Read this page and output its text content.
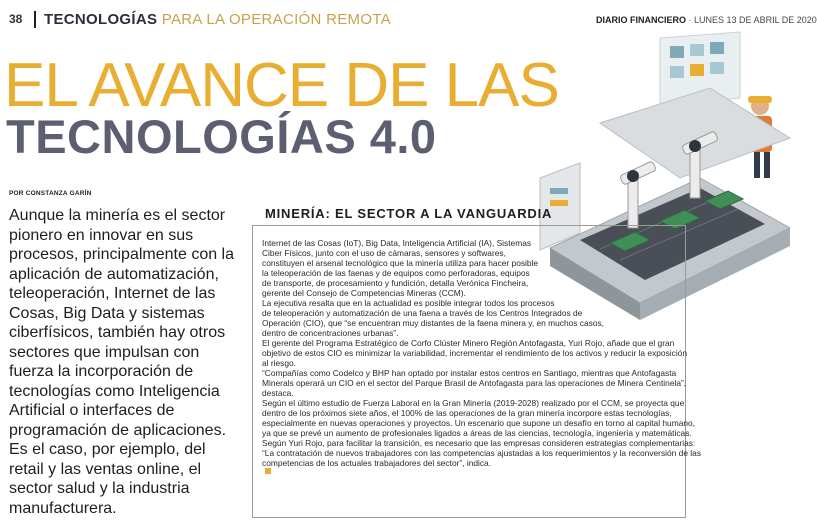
38 TECNOLOGÍAS PARA LA OPERACIÓN REMOTA	DIARIO FINANCIERO · LUNES 13 DE ABRIL DE 2020
EL AVANCE DE LAS
TECNOLOGÍAS 4.0
POR CONSTANZA GARÍN
Aunque la minería es el sector
pionero en innovar en sus
procesos, principalmente con la
aplicación de automatización,
teleoperación, Internet de las
Cosas, Big Data y sistemas
ciberfísicos, también hay otros
sectores que impulsan con
fuerza la incorporación de
tecnologías como Inteligencia
Artificial o interfaces de
programación de aplicaciones.
Es el caso, por ejemplo, del
retail y las ventas online, el
sector salud y la industria
manufacturera.
MINERÍA: EL SECTOR A LA VANGUARDIA
Internet de las Cosas (IoT), Big Data, Inteligencia Artificial (IA), Sistemas
Ciber Físicos, junto con el uso de cámaras, sensores y softwares,
constituyen el arsenal tecnológico que la minería utiliza para hacer posible
la teleoperación de las faenas y de equipos como perforadoras, equipos
de transporte, de procesamiento y fundición, detalla Verónica Fincheira,
gerente del Consejo de Competencias Mineras (CCM).
La ejecutiva resalta que en la actualidad es posible integrar todos los procesos
de teleoperación y automatización de una faena a través de los Centros Integrados de
Operación (CIO), que “se encuentran muy distantes de la faena minera y, en muchos casos,
dentro de concentraciones urbanas”.
El gerente del Programa Estratégico de Corfo Clúster Minero Región Antofagasta, Yuri Rojo, añade que el gran
objetivo de estos CIO es minimizar la variabilidad, incrementar el rendimiento de los activos y reducir la exposición
al riesgo.
“Compañías como Codelco y BHP han optado por instalar estos centros en Santiago, mientras que Antofagasta
Minerals operará un CIO en el sector del Parque Brasil de Antofagasta para las operaciones de Minera Centinela”,
destaca.
Según el último estudio de Fuerza Laboral en la Gran Minería (2019-2028) realizado por el CCM, se proyecta que
dentro de los próximos siete años, el 100% de las operaciones de la gran minería incorpore estas tecnologías,
especialmente en nuevas operaciones y proyectos. Un escenario que supone un desafío en torno al capital humano,
ya que se prevé un aumento de profesionales ligados a áreas de las ciencias, tecnología, ingeniería y matemáticas.
Según Yuri Rojo, para facilitar la transición, es necesario que las empresas consideren estrategias complementarias:
“La contratación de nuevos trabajadores con las competencias ajustadas a los requerimientos y la reconversión de las
competencias de los actuales trabajadores del sector”, indica.
